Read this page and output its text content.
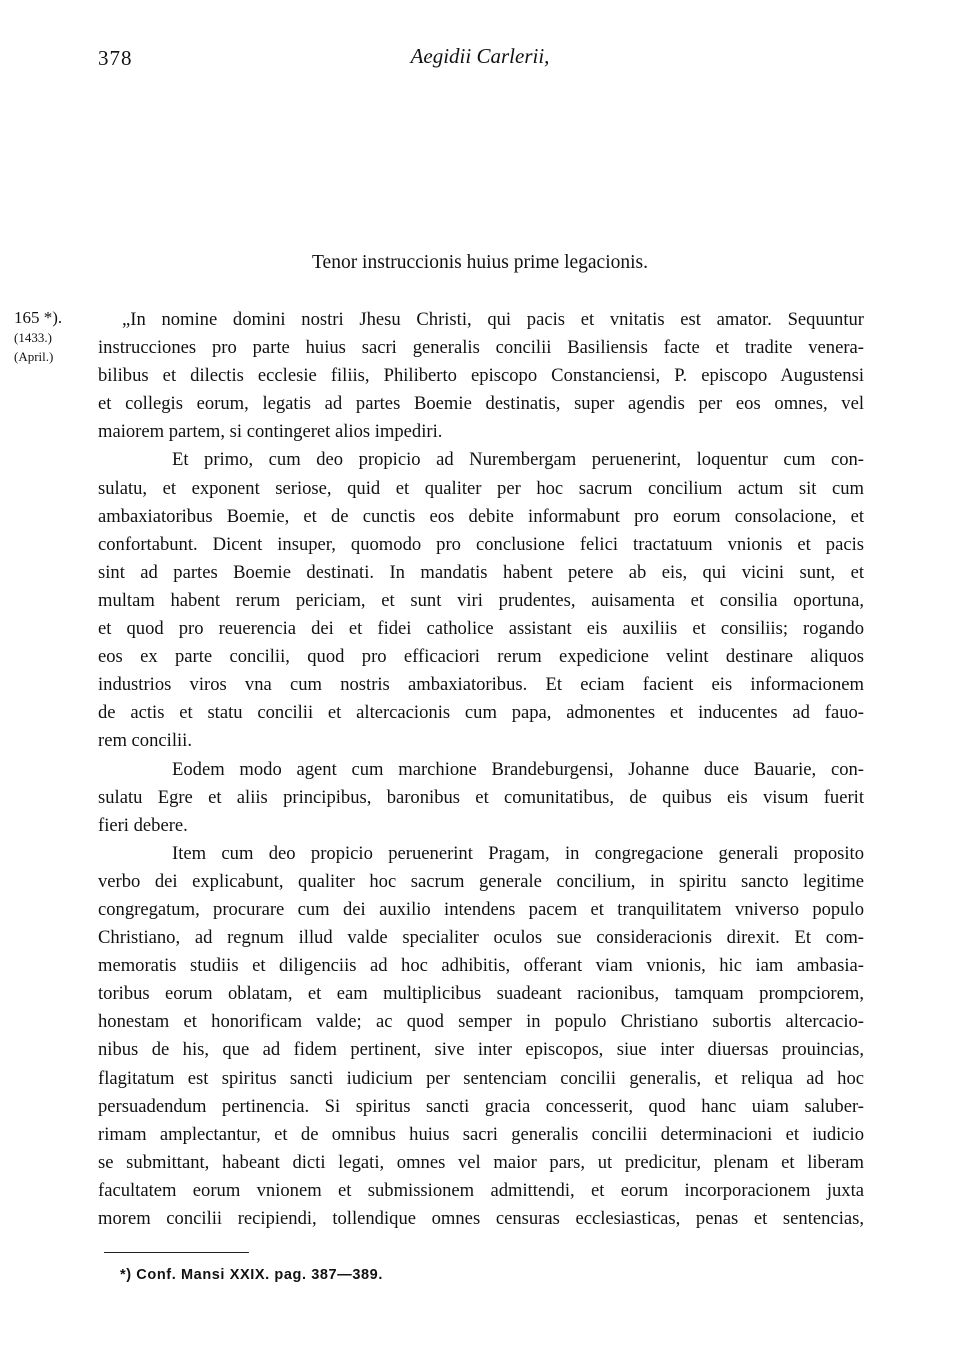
378	Aegidii Carlerii,
Tenor instruccionis huius prime legacionis.
165 *).
(1433.)
(April.)
„In nomine domini nostri Jhesu Christi, qui pacis et vnitatis est amator. Sequuntur
instrucciones pro parte huius sacri generalis concilii Basiliensis facte et tradite venera-
bilibus et dilectis ecclesie filiis, Philiberto episcopo Constanciensi, P. episcopo Augustensi
et collegis eorum, legatis ad partes Boemie destinatis, super agendis per eos omnes, vel
maiorem partem, si contingeret alios impediri.
Et primo, cum deo propicio ad Nurembergam peruenerint, loquentur cum con-
sulatu, et exponent seriose, quid et qualiter per hoc sacrum concilium actum sit cum
ambaxiatoribus Boemie, et de cunctis eos debite informabunt pro eorum consolacione, et
confortabunt. Dicent insuper, quomodo pro conclusione felici tractatuum vnionis et pacis
sint ad partes Boemie destinati. In mandatis habent petere ab eis, qui vicini sunt, et
multam habent rerum periciam, et sunt viri prudentes, auisamenta et consilia oportuna,
et quod pro reuerencia dei et fidei catholice assistant eis auxiliis et consiliis; rogando
eos ex parte concilii, quod pro efficaciori rerum expedicione velint destinare aliquos
industrios viros vna cum nostris ambaxiatoribus. Et eciam facient eis informacionem
de actis et statu concilii et altercacionis cum papa, admonentes et inducentes ad fauo-
rem concilii.
Eodem modo agent cum marchione Brandeburgensi, Johanne duce Bauarie, con-
sulatu Egre et aliis principibus, baronibus et comunitatibus, de quibus eis visum fuerit
fieri debere.
Item cum deo propicio peruenerint Pragam, in congregacione generali proposito
verbo dei explicabunt, qualiter hoc sacrum generale concilium, in spiritu sancto legitime
congregatum, procurare cum dei auxilio intendens pacem et tranquilitatem vniverso populo
Christiano, ad regnum illud valde specialiter oculos sue consideracionis direxit. Et com-
memoratis studiis et diligenciis ad hoc adhibitis, offerant viam vnionis, hic iam ambasia-
toribus eorum oblatam, et eam multiplicibus suadeant racionibus, tamquam prompciorem,
honestam et honorificam valde; ac quod semper in populo Christiano subortis altercacio-
nibus de his, que ad fidem pertinent, sive inter episcopos, siue inter diuersas prouincias,
flagitatum est spiritus sancti iudicium per sentenciam concilii generalis, et reliqua ad hoc
persuadendum pertinencia. Si spiritus sancti gracia concesserit, quod hanc uiam saluber-
rimam amplectantur, et de omnibus huius sacri generalis concilii determinacioni et iudicio
se submittant, habeant dicti legati, omnes vel maior pars, ut predicitur, plenam et liberam
facultatem eorum vnionem et submissionem admittendi, et eorum incorporacionem juxta
morem concilii recipiendi, tollendique omnes censuras ecclesiasticas, penas et sentencias,
*) Conf. Mansi XXIX. pag. 387—389.
